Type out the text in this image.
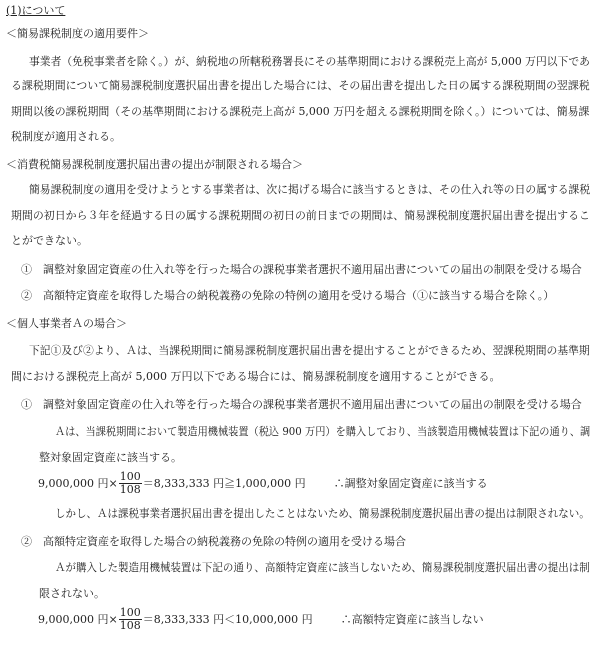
(1)について

＜簡易課税制度の適用要件＞

事業者（免税事業者を除く。）が、納税地の所轄税務署長にその基準期間における課税売上高が 5,000 万円以下であ

る課税期間について簡易課税制度選択届出書を提出した場合には、その届出書を提出した日の属する課税期間の翌課税

期間以後の課税期間（その基準期間における課税売上高が 5,000 万円を超える課税期間を除く。）については、簡易課

税制度が適用される。

＜消費税簡易課税制度選択届出書の提出が制限される場合＞

簡易課税制度の適用を受けようとする事業者は、次に掲げる場合に該当するときは、その仕入れ等の日の属する課税

期間の初日から３年を経過する日の属する課税期間の初日の前日までの期間は、簡易課税制度選択届出書を提出するこ

とができない。

①　調整対象固定資産の仕入れ等を行った場合の課税事業者選択不適用届出書についての届出の制限を受ける場合

②　高額特定資産を取得した場合の納税義務の免除の特例の適用を受ける場合（①に該当する場合を除く。）

＜個人事業者Ａの場合＞

下記①及び②より、Ａは、当課税期間に簡易課税制度選択届出書を提出することができるため、翌課税期間の基準期

間における課税売上高が 5,000 万円以下である場合には、簡易課税制度を適用することができる。

①　調整対象固定資産の仕入れ等を行った場合の課税事業者選択不適用届出書についての届出の制限を受ける場合

Ａは、当課税期間において製造用機械装置（税込 900 万円）を購入しており、当該製造用機械装置は下記の通り、調

整対象固定資産に該当する。

9,000,000 円× $\frac{100}{108} =8,333,333$ 円≧1,000,000 円	∴調整対象固定資産に該当する

しかし、Ａは課税事業者選択届出書を提出したことはないため、簡易課税制度選択届出書の提出は制限されない。

②　高額特定資産を取得した場合の納税義務の免除の特例の適用を受ける場合

Ａが購入した製造用機械装置は下記の通り、高額特定資産に該当しないため、簡易課税制度選択届出書の提出は制

限されない。

9,000,000 円× $\frac{100}{108} =8,333,333$ 円＜10,000,000 円	∴高額特定資産に該当しない
